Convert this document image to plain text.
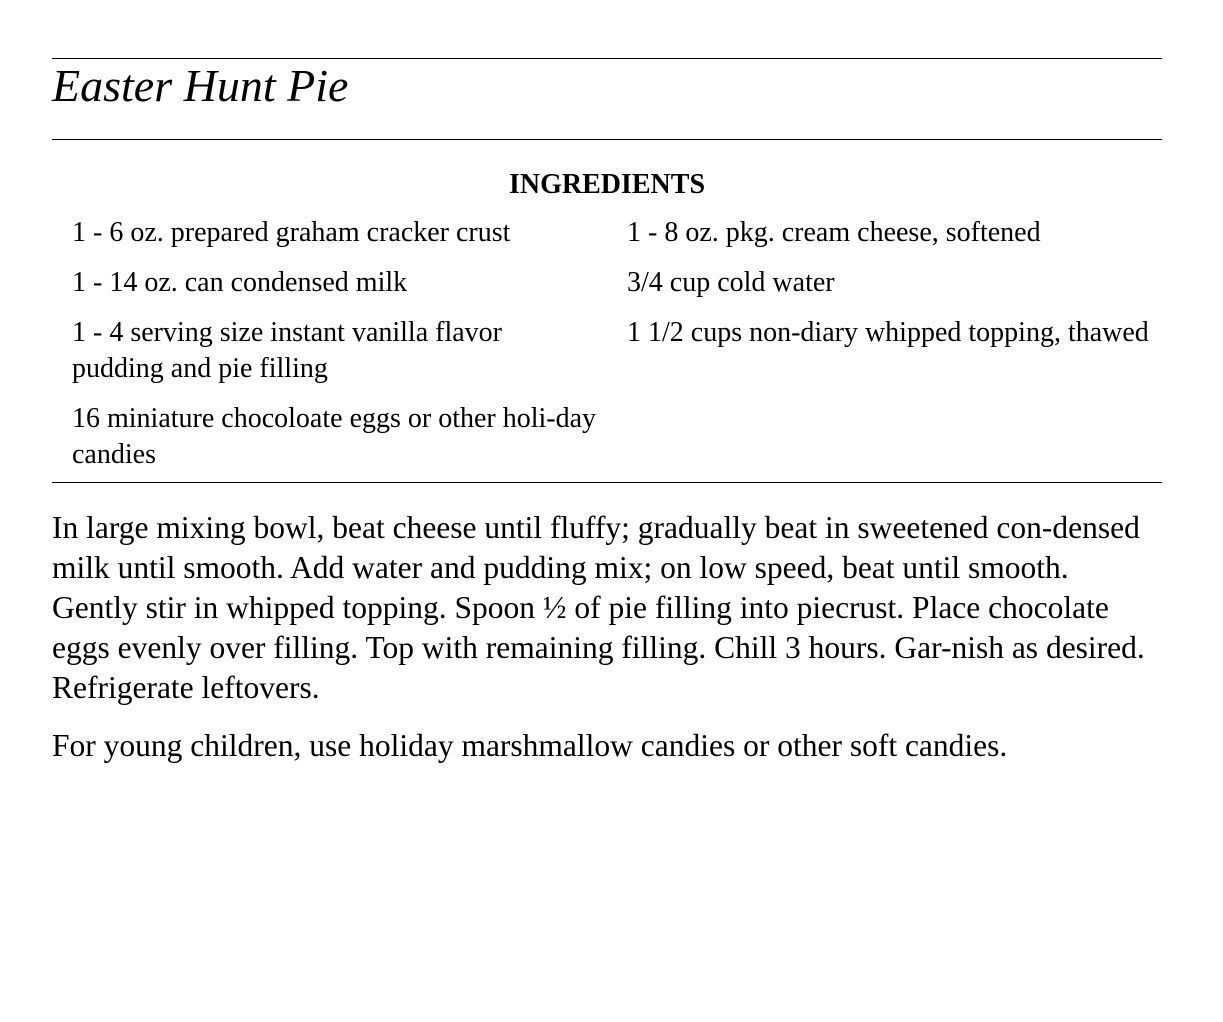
Easter Hunt Pie
INGREDIENTS
1 - 6 oz. prepared graham cracker crust	1 - 8 oz. pkg. cream cheese, softened
1 - 14 oz. can condensed milk	3/4 cup cold water
1 - 4 serving size instant vanilla flavor pudding and pie filling
1 1/2 cups non-diary whipped topping, thawed
16 miniature chocoloate eggs or other holi-day candies

In large mixing bowl, beat cheese until fluffy; gradually beat in sweetened con-densed milk until smooth. Add water and pudding mix; on low speed, beat until smooth. Gently stir in whipped topping. Spoon ½ of pie filling into piecrust. Place chocolate eggs evenly over filling. Top with remaining filling. Chill 3 hours. Gar-nish as desired. Refrigerate leftovers.

For young children, use holiday marshmallow candies or other soft candies.
